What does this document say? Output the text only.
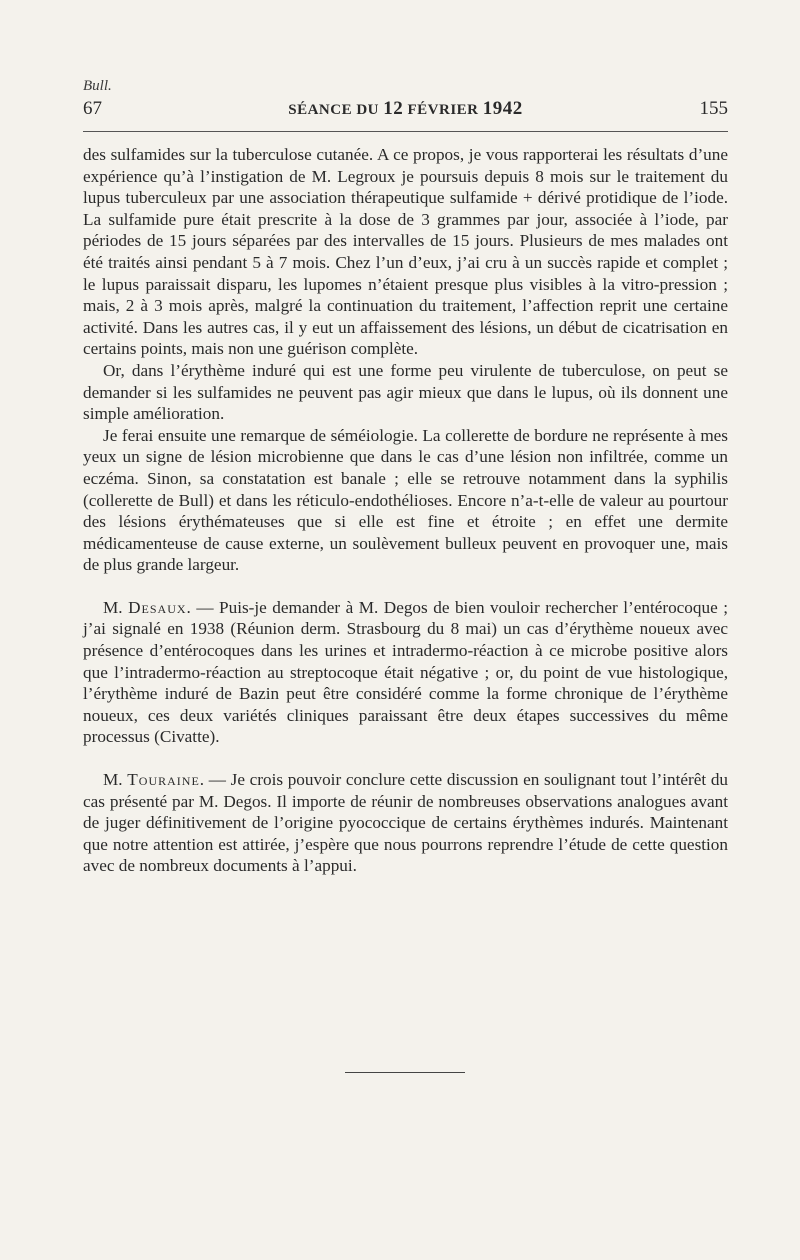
Bull.
67	SÉANCE DU 12 FÉVRIER 1942	155

des sulfamides sur la tuberculose cutanée. A ce propos, je vous rapporterai les résultats d’une expérience qu’à l’instigation de M. Legroux je poursuis depuis 8 mois sur le traitement du lupus tuberculeux par une association thérapeutique sulfamide + dérivé protidique de l’iode. La sulfamide pure était prescrite à la dose de 3 grammes par jour, associée à l’iode, par périodes de 15 jours séparées par des intervalles de 15 jours. Plusieurs de mes malades ont été traités ainsi pendant 5 à 7 mois. Chez l’un d’eux, j’ai cru à un succès rapide et complet ; le lupus paraissait disparu, les lupomes n’étaient presque plus visibles à la vitro-pression ; mais, 2 à 3 mois après, malgré la continuation du traitement, l’affection reprit une certaine activité. Dans les autres cas, il y eut un affaissement des lésions, un début de cicatrisation en certains points, mais non une guérison complète.

Or, dans l’érythème induré qui est une forme peu virulente de tuberculose, on peut se demander si les sulfamides ne peuvent pas agir mieux que dans le lupus, où ils donnent une simple amélioration.

Je ferai ensuite une remarque de séméiologie. La collerette de bordure ne représente à mes yeux un signe de lésion microbienne que dans le cas d’une lésion non infiltrée, comme un eczéma. Sinon, sa constatation est banale ; elle se retrouve notamment dans la syphilis (collerette de Bull) et dans les réticulo-endothélioses. Encore n’a-t-elle de valeur au pourtour des lésions érythémateuses que si elle est fine et étroite ; en effet une dermite médicamenteuse de cause externe, un soulèvement bulleux peuvent en provoquer une, mais de plus grande largeur.

M. Desaux. — Puis-je demander à M. Degos de bien vouloir rechercher l’entérocoque ; j’ai signalé en 1938 (Réunion derm. Strasbourg du 8 mai) un cas d’érythème noueux avec présence d’entérocoques dans les urines et intradermo-réaction à ce microbe positive alors que l’intradermo-réaction au streptocoque était négative ; or, du point de vue histologique, l’érythème induré de Bazin peut être considéré comme la forme chronique de l’érythème noueux, ces deux variétés cliniques paraissant être deux étapes successives du même processus (Civatte).

M. Touraine. — Je crois pouvoir conclure cette discussion en soulignant tout l’intérêt du cas présenté par M. Degos. Il importe de réunir de nombreuses observations analogues avant de juger définitivement de l’origine pyococcique de certains érythèmes indurés. Maintenant que notre attention est attirée, j’espère que nous pourrons reprendre l’étude de cette question avec de nombreux documents à l’appui.
